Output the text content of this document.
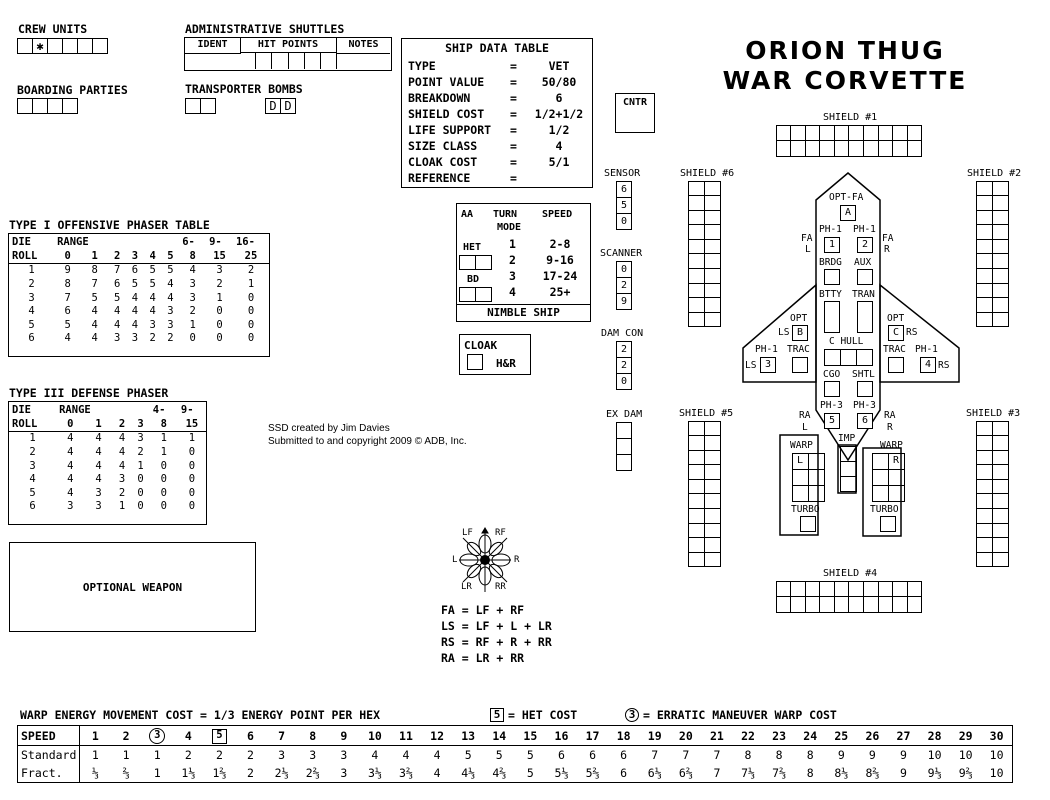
CREW UNITS
✱
BOARDING PARTIES
ADMINISTRATIVE SHUTTLES
IDENT	HIT POINTS	NOTES
TRANSPORTER BOMBS
D D
SHIP DATA TABLE
TYPE	=	VET
POINT VALUE =	50/80
BREAKDOWN	=	6
SHIELD COST =	1/2+1/2
LIFE SUPPORT =	1/2
SIZE CLASS	=	4
CLOAK COST	=	5/1
REFERENCE	=
ORION THUG
WAR CORVETTE
CNTR
SENSOR
6
5
0
SCANNER
0
2
9
DAM CON
2
2
0
EX DAM
AA TURN
MODE
SPEED
HET
BD
1	2-8
2	9-16
3	17-24
4	25+
NIMBLE SHIP
CLOAK
H&R
TYPE I OFFENSIVE PHASER TABLE
DIE	RANGE						6-	9-	16-
ROLL	0	1	2	3	4	5	8	15	25
1	9	8	7	6	5	5	4	3	2
2	8	7	6	5	5	4	3	2	1
3	7	5	5	4	4	4	3	1	0
4	6	4	4	4	4	3	2	0	0
5	5	4	4	4	3	3	1	0	0
6	4	4	3	3	2	2	0	0	0
TYPE III DEFENSE PHASER
DIE	RANGE				4-	9-
ROLL	0	1	2	3	8	15
1	4	4	4	3	1	1
2	4	4	4	2	1	0
3	4	4	4	1	0	0
4	4	4	3	0	0	0
5	4	3	2	0	0	0
6	3	3	1	0	0	0
SSD created by Jim Davies
Submitted to and copyright 2009 © ADB, Inc.
OPTIONAL WEAPON
LF RF
L	R
LR	RR
FA = LF + RF
LS = LF + L + LR
RS = RF + R + RR
RA = LR + RR
SHIELD #1
SHIELD #4
SHIELD #6	SHIELD #2
SHIELD #5	SHIELD #3
OPT-FA
A
FA
L
FA
R
PH-1
1
PH-1
2
BRDG AUX
BTTY TRAN
OPT
LS B
OPT
C RS
PH-1
LS 3
TRAC
C HULL
TRAC PH-1
4 RS
CGO SHTL
PH-3
5
PH-3
6
RA
L
RA
R
IMP
WARP
L
WARP
R
TURBO	TURBO
WARP ENERGY MOVEMENT COST = 1/3 ENERGY POINT PER HEX	5 = HET COST	3 = ERRATIC MANEUVER WARP COST
SPEED	1	2	3	4	5	6	7	8	9	10	11	12	13	14	15	16	17	18	19	20	21	22	23	24	25	26	27	28	29	30
Standard	1	1	1	2	2	2	3	3	3	4	4	4	5	5	5	6	6	6	7	7	7	8	8	8	9	9	9	10	10	10
Fract.	⅓	⅔	1	1⅓	1⅔	2	2⅓	2⅔	3	3⅓	3⅔	4	4⅓	4⅔	5	5⅓	5⅔	6	6⅓	6⅔	7	7⅓	7⅔	8	8⅓	8⅔	9	9⅓	9⅔	10
